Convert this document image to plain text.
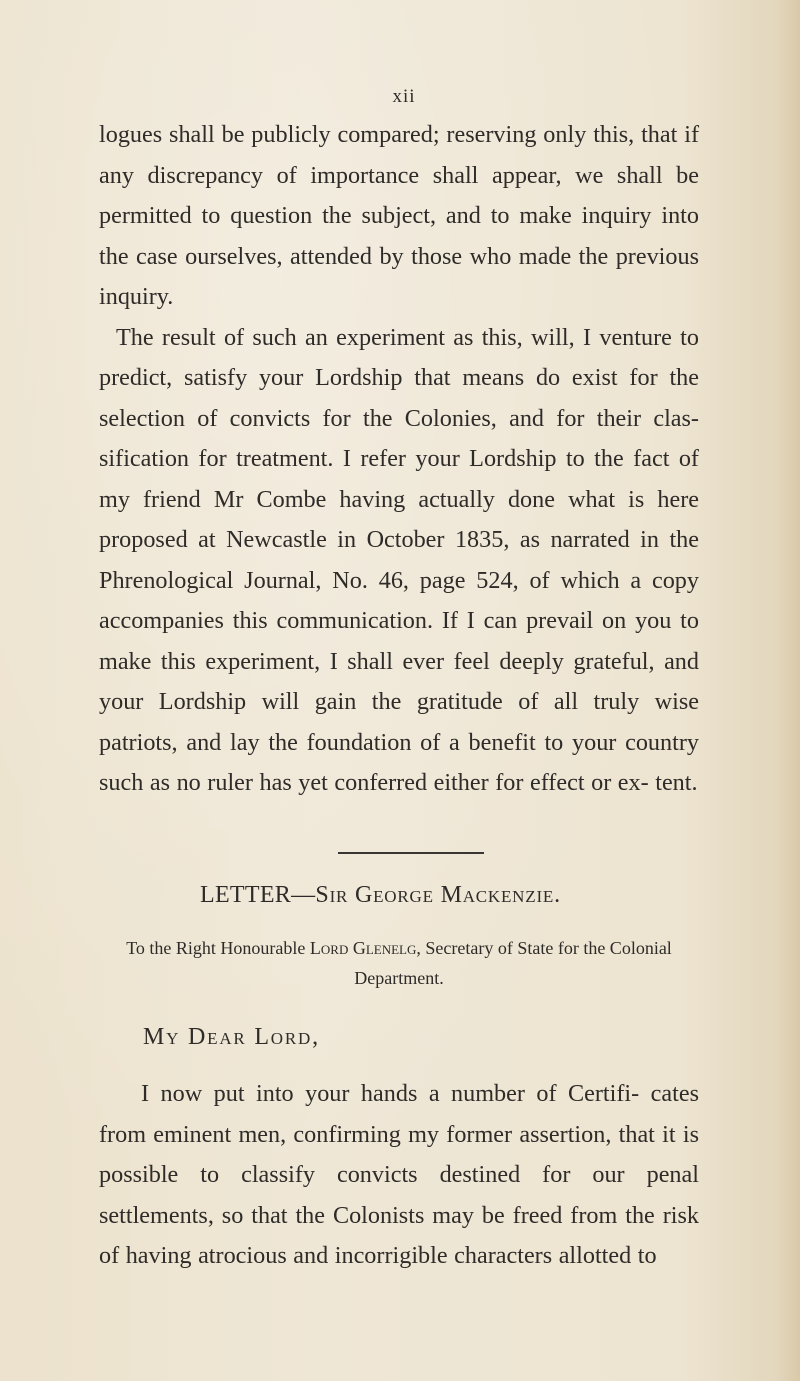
xii

logues shall be publicly compared; reserving only this, that if any discrepancy of importance shall appear, we shall be permitted to question the subject, and to make inquiry into the case ourselves, attended by those who made the previous inquiry.

The result of such an experiment as this, will, I venture to predict, satisfy your Lordship that means do exist for the selection of convicts for the Colonies, and for their clas- sification for treatment. I refer your Lordship to the fact of my friend Mr Combe having actually done what is here proposed at Newcastle in October 1835, as narrated in the Phrenological Journal, No. 46, page 524, of which a copy accompanies this communication. If I can prevail on you to make this experiment, I shall ever feel deeply grateful, and your Lordship will gain the gratitude of all truly wise patriots, and lay the foundation of a benefit to your country such as no ruler has yet conferred either for effect or ex- tent.

LETTER—Sir George Mackenzie.
To the Right Honourable Lord Glenelg, Secretary of State for the Colonial Department.
My Dear Lord,

I now put into your hands a number of Certifi- cates from eminent men, confirming my former assertion, that it is possible to classify convicts destined for our penal settlements, so that the Colonists may be freed from the risk of having atrocious and incorrigible characters allotted to
